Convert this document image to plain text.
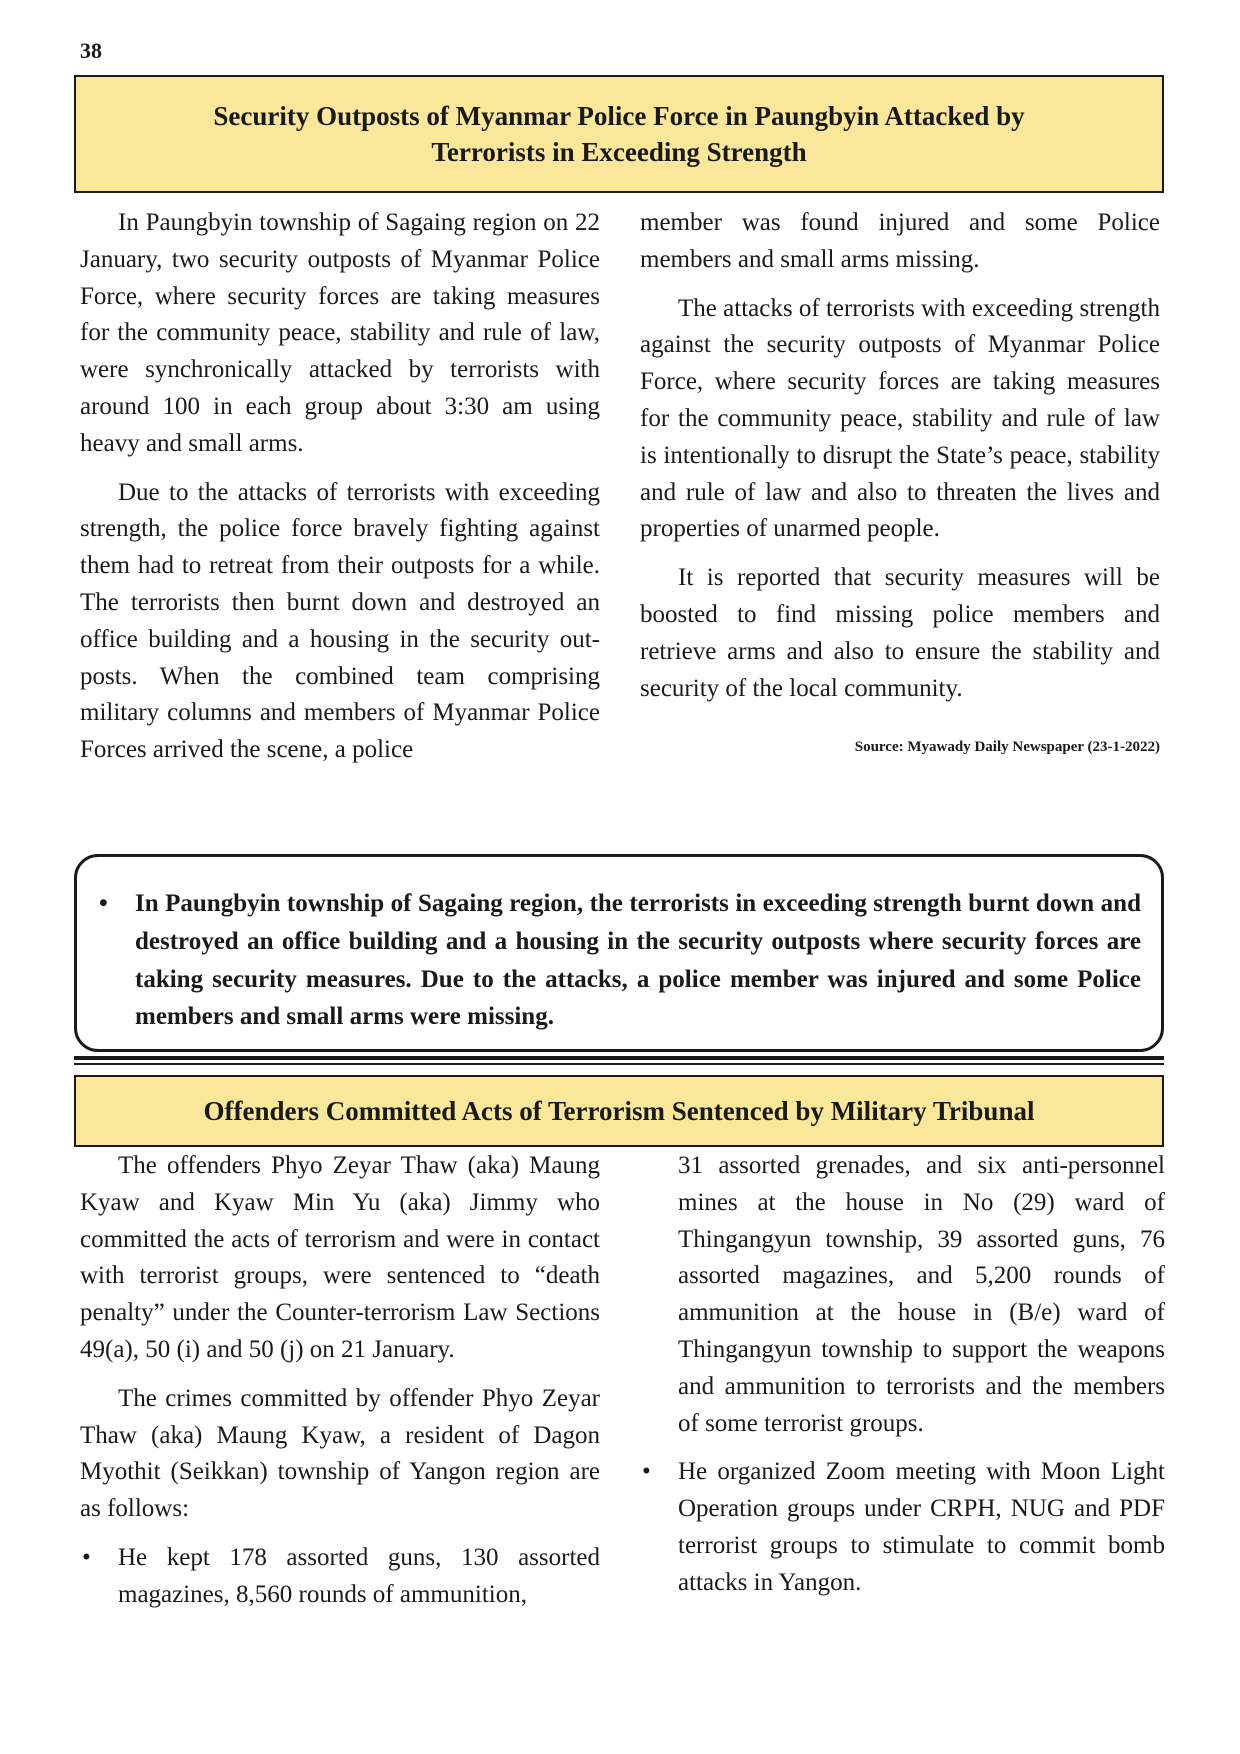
38
Security Outposts of Myanmar Police Force in Paungbyin Attacked by
Terrorists in Exceeding Strength

In Paungbyin township of Sagaing region on 22 January, two security outposts of Myanmar Police Force, where security forces are taking measures for the community peace, stability and rule of law, were synchronically attacked by terrorists with around 100 in each group about 3:30 am using heavy and small arms.

Due to the attacks of terrorists with exceeding strength, the police force bravely fighting against them had to retreat from their outposts for a while. The terrorists then burnt down and destroyed an office building and a housing in the security outposts. When the combined team comprising military columns and members of Myanmar Police Forces arrived the scene, a police

member was found injured and some Police members and small arms missing.

The attacks of terrorists with exceeding strength against the security outposts of Myanmar Police Force, where security forces are taking measures for the community peace, stability and rule of law is intentionally to disrupt the State’s peace, stability and rule of law and also to threaten the lives and properties of unarmed people.

It is reported that security measures will be boosted to find missing police members and retrieve arms and also to ensure the stability and security of the local community.

Source: Myawady Daily Newspaper (23-1-2022)
• In Paungbyin township of Sagaing region, the terrorists in exceeding strength burnt down and destroyed an office building and a housing in the security outposts where security forces are taking security measures. Due to the attacks, a police member was injured and some Police members and small arms were missing.
Offenders Committed Acts of Terrorism Sentenced by Military Tribunal

The offenders Phyo Zeyar Thaw (aka) Maung Kyaw and Kyaw Min Yu (aka) Jimmy who committed the acts of terrorism and were in contact with terrorist groups, were sentenced to “death penalty” under the Counter-terrorism Law Sections 49(a), 50 (i) and 50 (j) on 21 January.

The crimes committed by offender Phyo Zeyar Thaw (aka) Maung Kyaw, a resident of Dagon Myothit (Seikkan) township of Yangon region are as follows:

• He kept 178 assorted guns, 130 assorted magazines, 8,560 rounds of ammunition,
31 assorted grenades, and six anti-personnel mines at the house in No (29) ward of Thingangyun township, 39 assorted guns, 76 assorted magazines, and 5,200 rounds of ammunition at the house in (B/e) ward of Thingangyun township to support the weapons and ammunition to terrorists and the members of some terrorist groups.
• He organized Zoom meeting with Moon Light Operation groups under CRPH, NUG and PDF terrorist groups to stimulate to commit bomb attacks in Yangon.
